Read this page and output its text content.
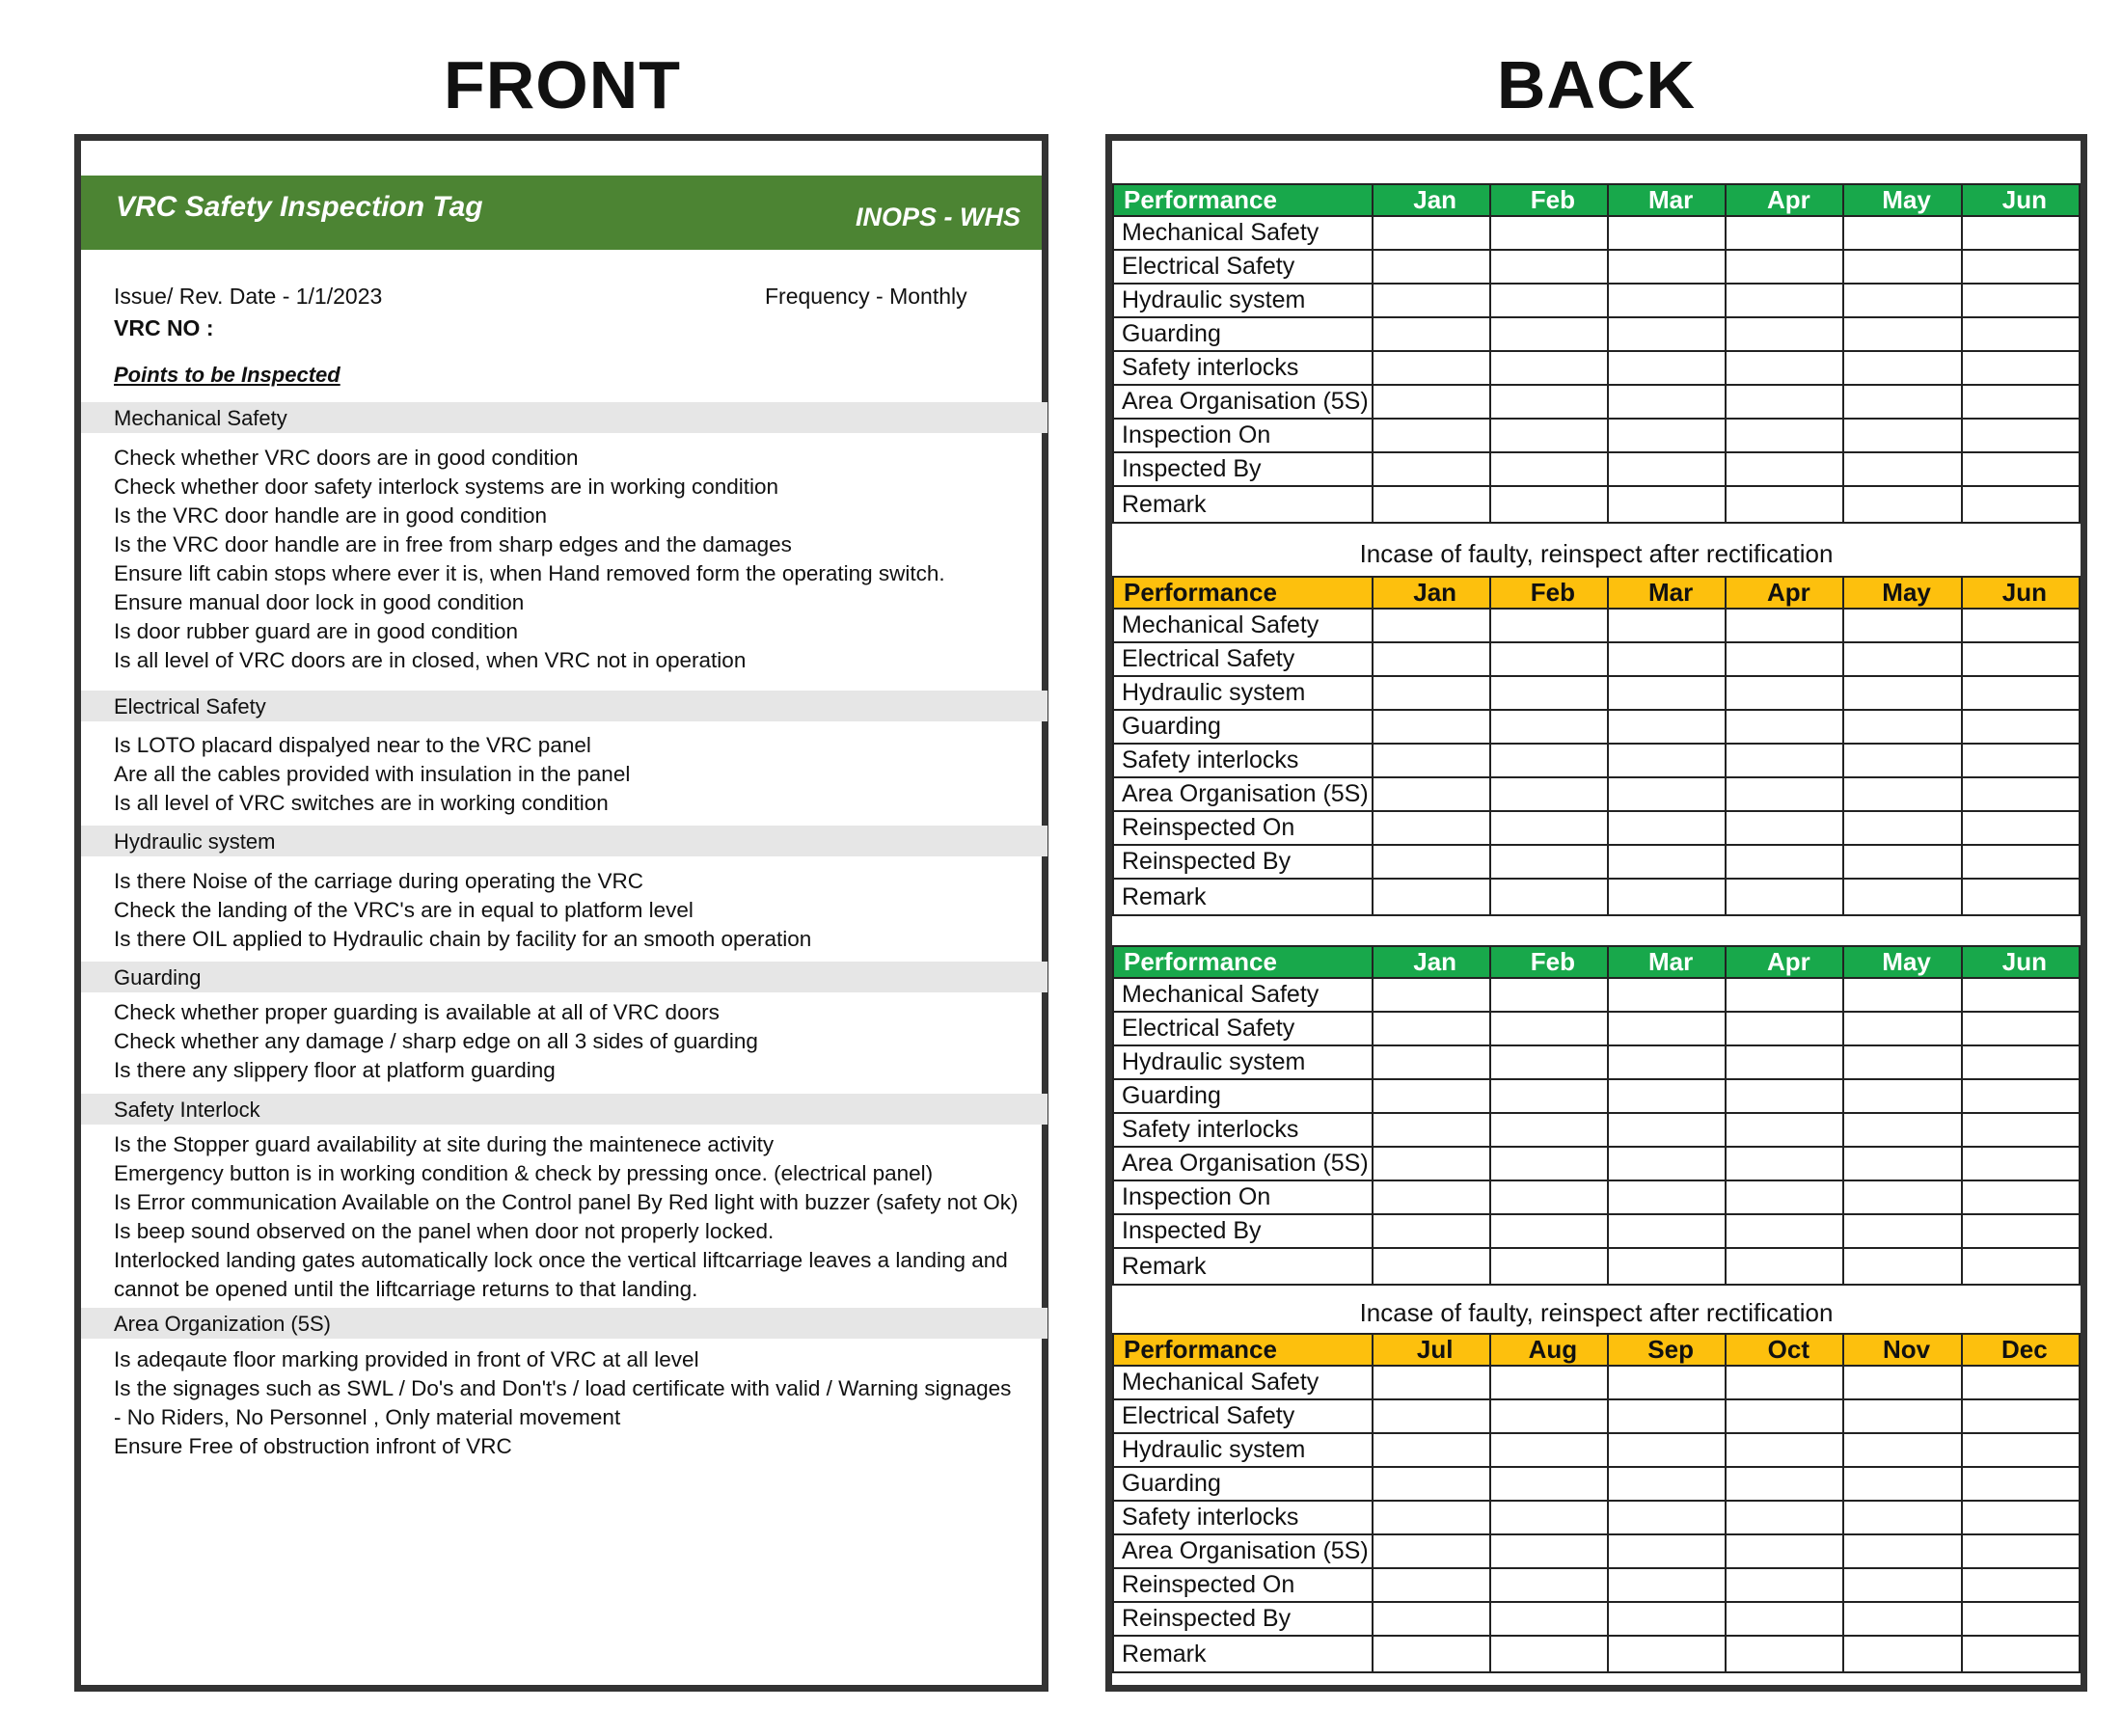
FRONT	BACK
VRC Safety Inspection Tag	INOPS - WHS
Issue/ Rev. Date - 1/1/2023	Frequency - Monthly
VRC NO :
Points to be Inspected
Mechanical Safety
Check whether VRC doors are in good condition
Check whether door safety interlock systems are in working condition
Is the VRC door handle are in good condition
Is the VRC door handle are in free from sharp edges and the damages
Ensure lift cabin stops where ever it is, when Hand removed form the operating switch.
Ensure manual door lock in good condition
Is door rubber guard are in good condition
Is all level of VRC doors are in closed, when VRC not in operation
Electrical Safety
Is LOTO placard dispalyed near to the VRC panel
Are all the cables provided with insulation in the panel
Is all level of VRC switches are in working condition
Hydraulic system
Is there Noise of the carriage during operating the VRC
Check the landing of the VRC's are in equal to platform level
Is there OIL applied to Hydraulic chain by facility for an smooth operation
Guarding
Check whether proper guarding is available at all of VRC doors
Check whether any damage / sharp edge on all 3 sides of guarding
Is there any slippery floor at platform guarding
Safety Interlock
Is the Stopper guard availability at site during the maintenece activity
Emergency button is in working condition & check by pressing once. (electrical panel)
Is Error communication Available on the Control panel By Red light with buzzer (safety not Ok)
Is beep sound observed on the panel when door not properly locked.
Interlocked landing gates automatically lock once the vertical liftcarriage leaves a landing and
cannot be opened until the liftcarriage returns to that landing.
Area Organization (5S)
Is adeqaute floor marking provided in front of VRC at all level
Is the signages such as SWL / Do's and Don't's / load certificate with valid / Warning signages
- No Riders, No Personnel , Only material movement
Ensure Free of obstruction infront of VRC
Performance	Jan	Feb	Mar	Apr	May	Jun
Mechanical Safety						
Electrical Safety						
Hydraulic system						
Guarding						
Safety interlocks						
Area Organisation (5S)						
Inspection On						
Inspected By						
Remark						
Incase of faulty, reinspect after rectification
Performance	Jan	Feb	Mar	Apr	May	Jun
Mechanical Safety						
Electrical Safety						
Hydraulic system						
Guarding						
Safety interlocks						
Area Organisation (5S)						
Reinspected On						
Reinspected By						
Remark						
Performance	Jan	Feb	Mar	Apr	May	Jun
Mechanical Safety						
Electrical Safety						
Hydraulic system						
Guarding						
Safety interlocks						
Area Organisation (5S)						
Inspection On						
Inspected By						
Remark						
Incase of faulty, reinspect after rectification
Performance	Jul	Aug	Sep	Oct	Nov	Dec
Mechanical Safety						
Electrical Safety						
Hydraulic system						
Guarding						
Safety interlocks						
Area Organisation (5S)						
Reinspected On						
Reinspected By						
Remark						
